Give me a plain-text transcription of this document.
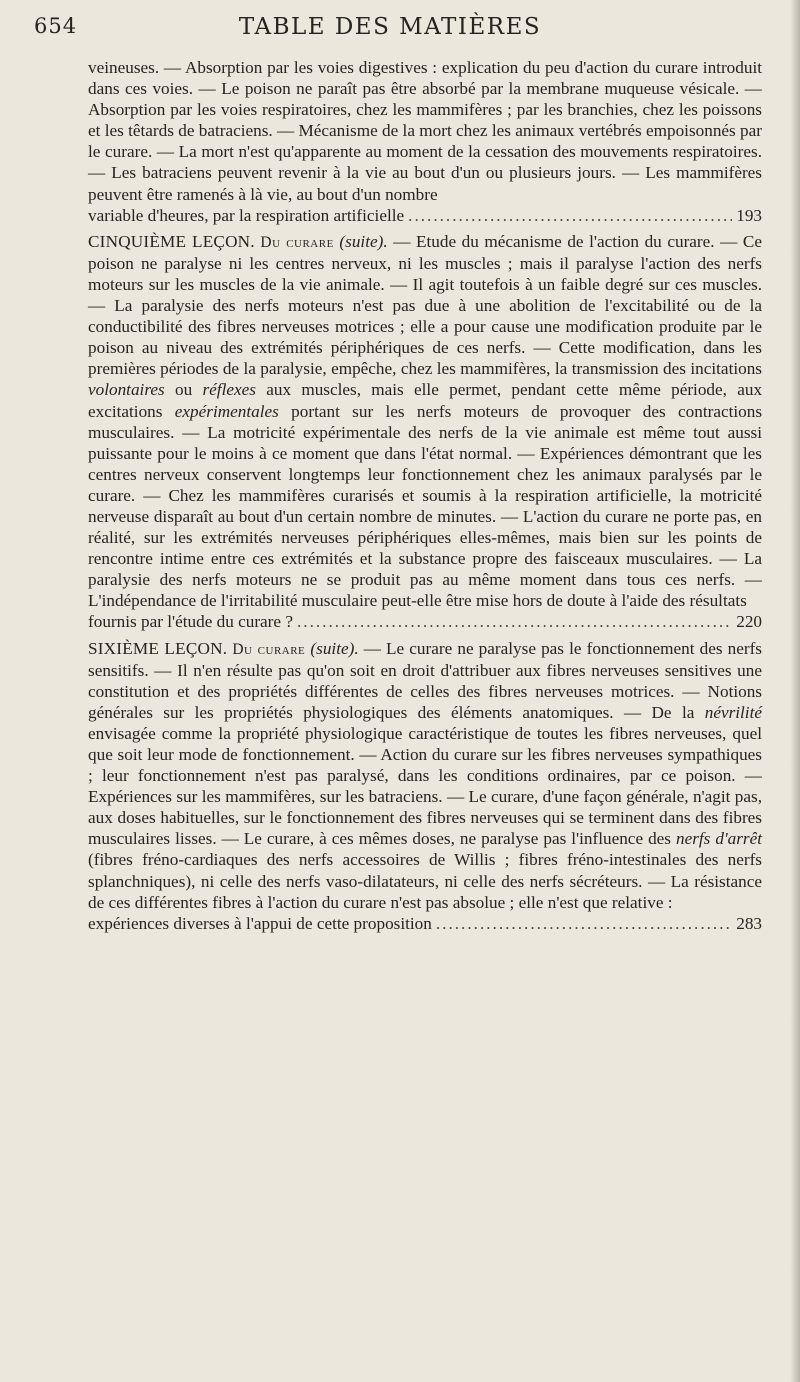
654	TABLE DES MATIÈRES
veineuses. — Absorption par les voies digestives : explication du peu d'action du curare introduit dans ces voies. — Le poison ne paraît pas être absorbé par la membrane muqueuse vésicale. — Absorption par les voies respiratoires, chez les mammifères ; par les branchies, chez les poissons et les têtards de batraciens. — Mécanisme de la mort chez les animaux vertébrés empoisonnés par le curare. — La mort n'est qu'apparente au moment de la cessation des mouvements respiratoires. — Les batraciens peuvent revenir à la vie au bout d'un ou plusieurs jours. — Les mammifères peuvent être ramenés à là vie, au bout d'un nombre
variable d'heures, par la respiration artificielle .....	193
CINQUIÈME LEÇON. Du curare (suite). — Etude du mécanisme de l'action du curare. — Ce poison ne paralyse ni les centres nerveux, ni les muscles ; mais il paralyse l'action des nerfs moteurs sur les muscles de la vie animale. — Il agit toutefois à un faible degré sur ces muscles. — La paralysie des nerfs moteurs n'est pas due à une abolition de l'excitabilité ou de la conductibilité des fibres nerveuses motrices ; elle a pour cause une modification produite par le poison au niveau des extrémités périphériques de ces nerfs. — Cette modification, dans les premières périodes de la paralysie, empêche, chez les mammifères, la transmission des incitations volontaires ou réflexes aux muscles, mais elle permet, pendant cette même période, aux excitations expérimentales portant sur les nerfs moteurs de provoquer des contractions musculaires. — La motricité expérimentale des nerfs de la vie animale est même tout aussi puissante pour le moins à ce moment que dans l'état normal. — Expériences démontrant que les centres nerveux conservent longtemps leur fonctionnement chez les animaux paralysés par le curare. — Chez les mammifères curarisés et soumis à la respiration artificielle, la motricité nerveuse disparaît au bout d'un certain nombre de minutes. — L'action du curare ne porte pas, en réalité, sur les extrémités nerveuses périphériques elles-mêmes, mais bien sur les points de rencontre intime entre ces extrémités et la substance propre des faisceaux musculaires. — La paralysie des nerfs moteurs ne se produit pas au même moment dans tous ces nerfs. — L'indépendance de l'irritabilité musculaire peut-elle être mise hors de doute à l'aide des résultats
fournis par l'étude du curare ? .....	220
SIXIÈME LEÇON. Du curare (suite). — Le curare ne paralyse pas le fonctionnement des nerfs sensitifs. — Il n'en résulte pas qu'on soit en droit d'attribuer aux fibres nerveuses sensitives une constitution et des propriétés différentes de celles des fibres nerveuses motrices. — Notions générales sur les propriétés physiologiques des éléments anatomiques. — De la névrilité envisagée comme la propriété physiologique caractéristique de toutes les fibres nerveuses, quel que soit leur mode de fonctionnement. — Action du curare sur les fibres nerveuses sympathiques ; leur fonctionnement n'est pas paralysé, dans les conditions ordinaires, par ce poison. — Expériences sur les mammifères, sur les batraciens. — Le curare, d'une façon générale, n'agit pas, aux doses habituelles, sur le fonctionnement des fibres nerveuses qui se terminent dans des fibres musculaires lisses. — Le curare, à ces mêmes doses, ne paralyse pas l'influence des nerfs d'arrêt (fibres fréno-cardiaques des nerfs accessoires de Willis ; fibres fréno-intestinales des nerfs splanchniques), ni celle des nerfs vaso-dilatateurs, ni celle des nerfs sécréteurs. — La résistance de ces différentes fibres à l'action du curare n'est pas absolue ; elle n'est que relative :
expériences diverses à l'appui de cette proposition .....	283
